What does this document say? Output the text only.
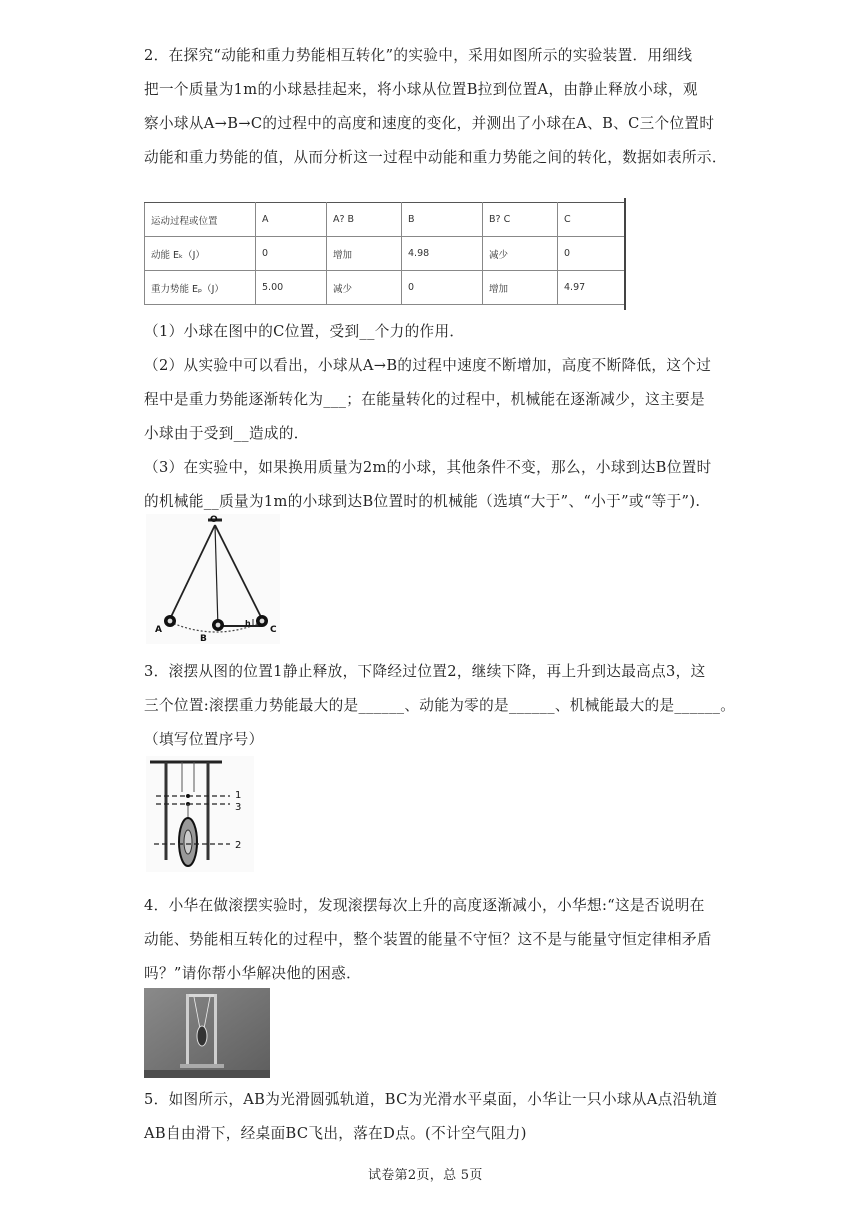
2．在探究“动能和重力势能相互转化”的实验中，采用如图所示的实验装置．用细线
把一个质量为1m的小球悬挂起来，将小球从位置B拉到位置A，由静止释放小球，观
察小球从A→B→C的过程中的高度和速度的变化，并测出了小球在A、B、C三个位置时
动能和重力势能的值，从而分析这一过程中动能和重力势能之间的转化，数据如表所示．
运动过程或位置	A	A? B	B	B? C	C
动能 Eₖ（J）	0	增加	4.98	减少	0
重力势能 Eₚ（J）	5.00	减少	0	增加	4.97
（1）小球在图中的C位置，受到__个力的作用．
（2）从实验中可以看出，小球从A→B的过程中速度不断增加，高度不断降低，这个过
程中是重力势能逐渐转化为___；在能量转化的过程中，机械能在逐渐减少，这主要是
小球由于受到__造成的．
（3）在实验中，如果换用质量为2m的小球，其他条件不变，那么，小球到达B位置时
的机械能__质量为1m的小球到达B位置时的机械能（选填“大于”、“小于”或“等于”).
O
A
B
C
h
3．滚摆从图的位置1静止释放，下降经过位置2，继续下降，再上升到达最高点3，这
三个位置:滚摆重力势能最大的是______、动能为零的是______、机械能最大的是______。
（填写位置序号）
1
3
2
4．小华在做滚摆实验时，发现滚摆每次上升的高度逐渐减小，小华想:“这是否说明在
动能、势能相互转化的过程中，整个装置的能量不守恒？这不是与能量守恒定律相矛盾
吗？”请你帮小华解决他的困惑．
5．如图所示，AB为光滑圆弧轨道，BC为光滑水平桌面，小华让一只小球从A点沿轨道
AB自由滑下，经桌面BC飞出，落在D点。(不计空气阻力)
试卷第2页，总 5页
